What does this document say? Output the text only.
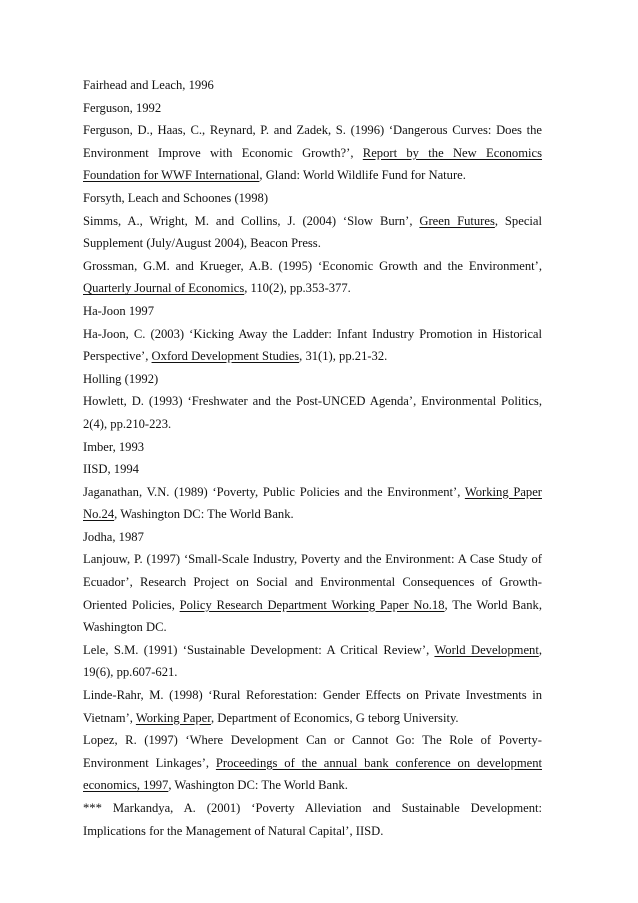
Fairhead and Leach, 1996

Ferguson, 1992

Ferguson, D., Haas, C., Reynard, P. and Zadek, S. (1996) ‘Dangerous Curves: Does the Environment Improve with Economic Growth?’, Report by the New Economics Foundation for WWF International, Gland: World Wildlife Fund for Nature.

Forsyth, Leach and Schoones (1998)

Simms, A., Wright, M. and Collins, J. (2004) ‘Slow Burn’, Green Futures, Special Supplement (July/August 2004), Beacon Press.

Grossman, G.M. and Krueger, A.B. (1995) ‘Economic Growth and the Environment’, Quarterly Journal of Economics, 110(2), pp.353-377.

Ha-Joon 1997

Ha-Joon, C. (2003) ‘Kicking Away the Ladder: Infant Industry Promotion in Historical Perspective’, Oxford Development Studies, 31(1), pp.21-32.

Holling (1992)

Howlett, D. (1993) ‘Freshwater and the Post-UNCED Agenda’, Environmental Politics, 2(4), pp.210-223.

Imber, 1993

IISD, 1994

Jaganathan, V.N. (1989) ‘Poverty, Public Policies and the Environment’, Working Paper No.24, Washington DC: The World Bank.

Jodha, 1987

Lanjouw, P. (1997) ‘Small-Scale Industry, Poverty and the Environment: A Case Study of Ecuador’, Research Project on Social and Environmental Consequences of Growth-Oriented Policies, Policy Research Department Working Paper No.18, The World Bank, Washington DC.

Lele, S.M. (1991) ‘Sustainable Development: A Critical Review’, World Development, 19(6), pp.607-621.

Linde-Rahr, M. (1998) ‘Rural Reforestation: Gender Effects on Private Investments in Vietnam’, Working Paper, Department of Economics, G teborg University.

Lopez, R. (1997) ‘Where Development Can or Cannot Go: The Role of Poverty-Environment Linkages’, Proceedings of the annual bank conference on development economics, 1997, Washington DC: The World Bank.

*** Markandya, A. (2001) ‘Poverty Alleviation and Sustainable Development: Implications for the Management of Natural Capital’, IISD.
